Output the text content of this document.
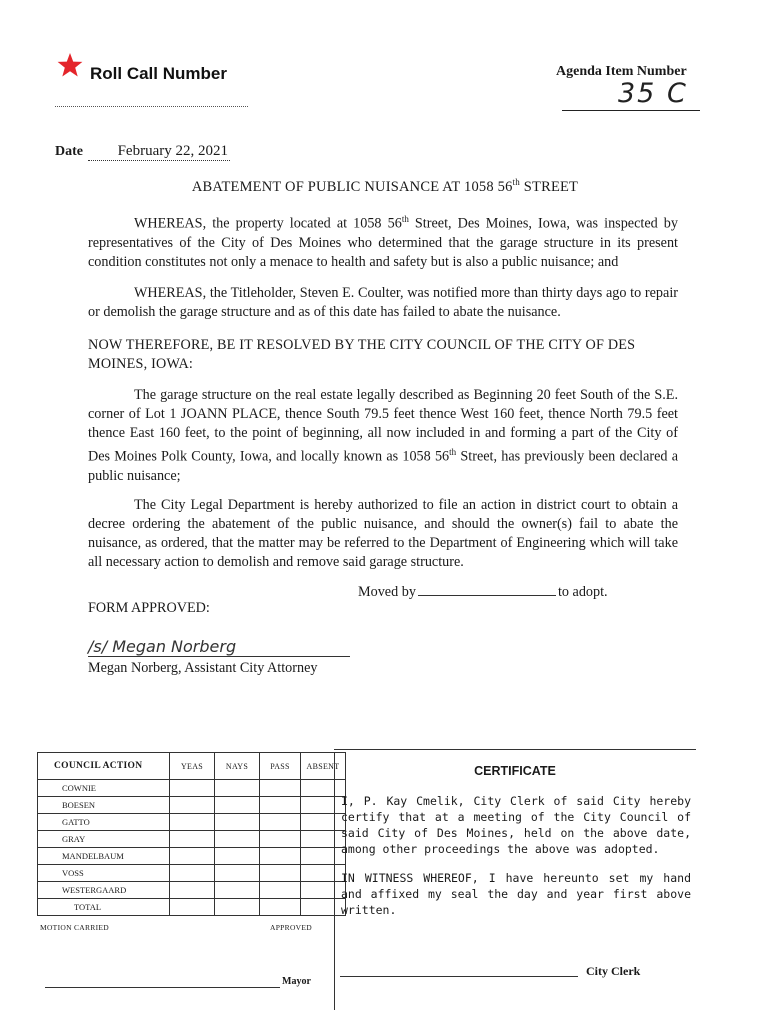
Roll Call Number	Agenda Item Number
35 C
Date	February 22, 2021
ABATEMENT OF PUBLIC NUISANCE AT 1058 56th STREET

WHEREAS, the property located at 1058 56th Street, Des Moines, Iowa, was inspected by representatives of the City of Des Moines who determined that the garage structure in its present condition constitutes not only a menace to health and safety but is also a public nuisance; and

WHEREAS, the Titleholder, Steven E. Coulter, was notified more than thirty days ago to repair or demolish the garage structure and as of this date has failed to abate the nuisance.

NOW THEREFORE, BE IT RESOLVED BY THE CITY COUNCIL OF THE CITY OF DES MOINES, IOWA:

The garage structure on the real estate legally described as Beginning 20 feet South of the S.E. corner of Lot 1 JOANN PLACE, thence South 79.5 feet thence West 160 feet, thence North 79.5 feet thence East 160 feet, to the point of beginning, all now included in and forming a part of the City of Des Moines Polk County, Iowa, and locally known as 1058 56th Street, has previously been declared a public nuisance;

The City Legal Department is hereby authorized to file an action in district court to obtain a decree ordering the abatement of the public nuisance, and should the owner(s) fail to abate the nuisance, as ordered, that the matter may be referred to the Department of Engineering which will take all necessary action to demolish and remove said garage structure.

Moved by	to adopt.
FORM APPROVED:
/s/ Megan Norberg
Megan Norberg, Assistant City Attorney
COUNCIL ACTION	YEAS	NAYS	PASS	ABSENT
COWNIE				
BOESEN				
GATTO				
GRAY				
MANDELBAUM				
VOSS				
WESTERGAARD				
TOTAL				
MOTION CARRIED	APPROVED
Mayor
CERTIFICATE
I, P. Kay Cmelik, City Clerk of said City hereby certify that at a meeting of the City Council of said City of Des Moines, held on the above date, among other proceedings the above was adopted.
IN WITNESS WHEREOF, I have hereunto set my hand and affixed my seal the day and year first above written.
City Clerk
